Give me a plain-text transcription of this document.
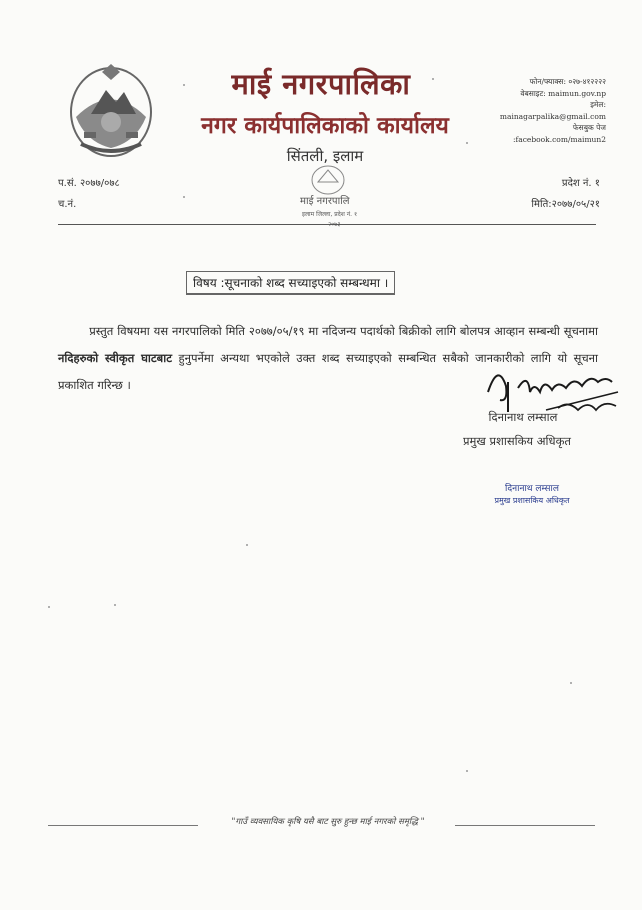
माई नगरपालिका
नगर कार्यपालिकाको कार्यालय
सिंतली, इलाम
फोन/फ्याक्स: ०२७-४१२२२२
वेबसाइट: maimun.gov.np
इमेल:
mainagarpalika@gmail.com
फेसबुक पेज
:facebook.com/maimun2
प.सं. २०७७/०७८
च.नं.
प्रदेश नं. १
मिति:२०७७/०५/२१
माई नगरपालि
इलाम जिल्ला, प्रदेश नं. १
विषय :सूचनाको शब्द सच्याइएको सम्बन्धमा ।
प्रस्तुत विषयमा यस नगरपालिको मिति २०७७/०५/१९ मा नदिजन्य पदार्थको बिक्रीको लागि बोलपत्र आव्हान सम्बन्धी सूचनामा नदिहरुको स्वीकृत घाटबाट हुनुपर्नेमा अन्यथा भएकोले उक्त शब्द सच्याइएको सम्बन्धित सबैको जानकारीको लागि यो सूचना प्रकाशित गरिन्छ ।
दिनानाथ लम्साल
प्रमुख प्रशासकिय अधिकृत
दिनानाथ लम्साल
प्रमुख प्रशासकिय अधिकृत
"गाउँ व्यवसायिक कृषि यसै बाट सुरु हुन्छ माई नगरको समृद्धि "
